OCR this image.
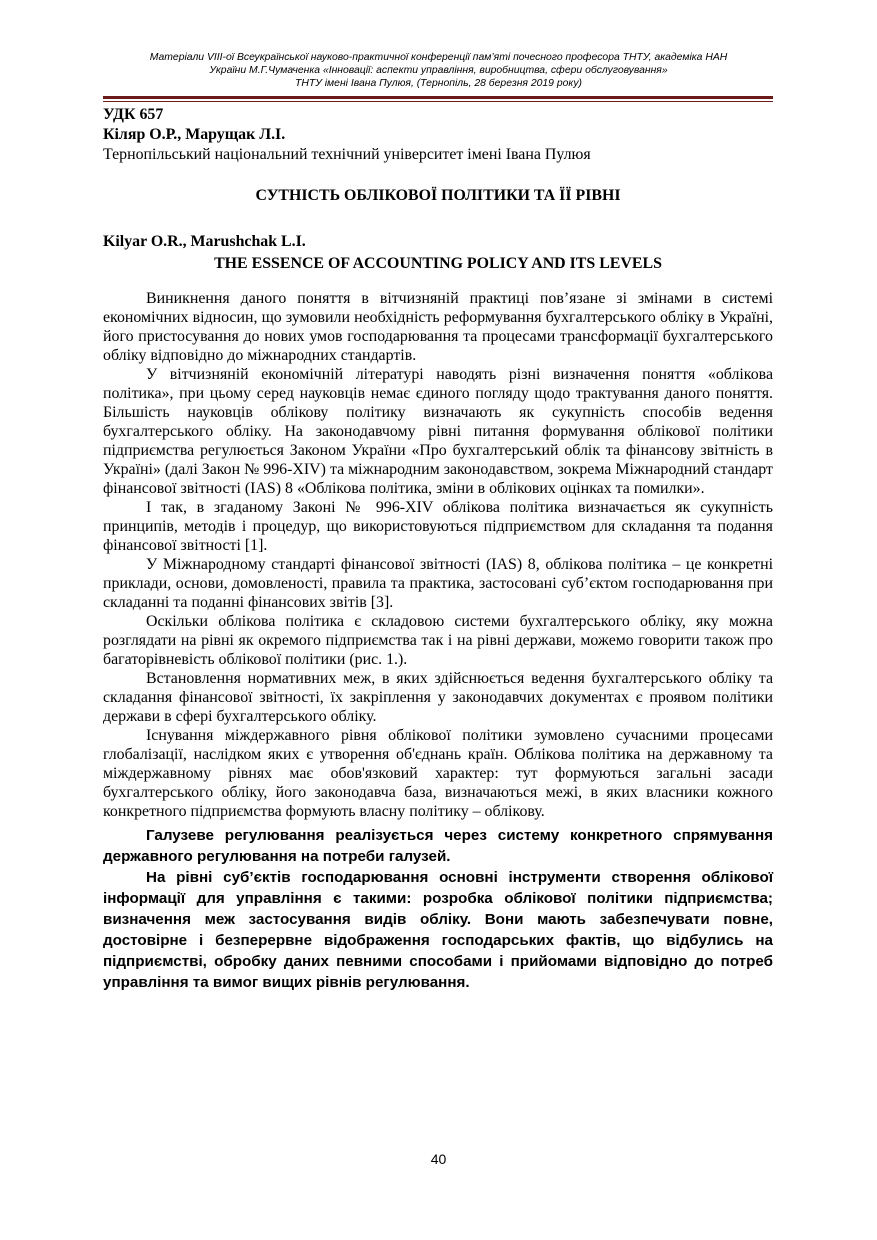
Матеріали VIII-ої Всеукраїнської науково-практичної конференції пам’яті почесного професора ТНТУ, академіка НАН
України М.Г.Чумаченка «Інновації: аспекти управління, виробництва, сфери обслуговування»
ТНТУ імені Івана Пулюя, (Тернопіль, 28 березня 2019 року)
УДК 657
Кіляр О.Р., Марущак Л.І.
Тернопільський національний технічний університет імені Івана Пулюя
СУТНІСТЬ ОБЛІКОВОЇ ПОЛІТИКИ ТА ЇЇ РІВНІ
Kilyar O.R., Marushchak L.I.
THE ESSENCE OF ACCOUNTING POLICY AND ITS LEVELS

Виникнення даного поняття в вітчизняній практиці пов’язане зі змінами в системі економічних відносин, що зумовили необхідність реформування бухгалтерського обліку в Україні, його пристосування до нових умов господарювання та процесами трансформації бухгалтерського обліку відповідно до міжнародних стандартів.

У вітчизняній економічній літературі наводять різні визначення поняття «облікова політика», при цьому серед науковців немає єдиного погляду щодо трактування даного поняття. Більшість науковців облікову політику визначають як сукупність способів ведення бухгалтерського обліку. На законодавчому рівні питання формування облікової політики підприємства регулюється Законом України «Про бухгалтерський облік та фінансову звітність в Україні» (далі Закон № 996-XIV) та міжнародним законодавством, зокрема Міжнародний стандарт фінансової звітності (IAS) 8 «Облікова політика, зміни в облікових оцінках та помилки».

І так, в згаданому Законі № 996-XIV облікова політика визначається як сукупність принципів, методів і процедур, що використовуються підприємством для складання та подання фінансової звітності [1].

У Міжнародному стандарті фінансової звітності (IAS) 8, облікова політика – це конкретні приклади, основи, домовленості, правила та практика, застосовані суб’єктом господарювання при складанні та поданні фінансових звітів [3].

Оскільки облікова політика є складовою системи бухгалтерського обліку, яку можна розглядати на рівні як окремого підприємства так і на рівні держави, можемо говорити також про багаторівневість облікової політики (рис. 1.).

Встановлення нормативних меж, в яких здійснюється ведення бухгалтерського обліку та складання фінансової звітності, їх закріплення у законодавчих документах є проявом політики держави в сфері бухгалтерського обліку.

Існування міждержавного рівня облікової політики зумовлено сучасними процесами глобалізації, наслідком яких є утворення об'єднань країн. Облікова політика на державному та міждержавному рівнях має обов'язковий характер: тут формуються загальні засади бухгалтерського обліку, його законодавча база, визначаються межі, в яких власники кожного конкретного підприємства формують власну політику – облікову.

Галузеве регулювання реалізується через систему конкретного спрямування державного регулювання на потреби галузей.

На рівні суб’єктів господарювання основні інструменти створення облікової інформації для управління є такими: розробка облікової політики підприємства; визначення меж застосування видів обліку. Вони мають забезпечувати повне, достовірне і безперервне відображення господарських фактів, що відбулись на підприємстві, обробку даних певними способами і прийомами відповідно до потреб управління та вимог вищих рівнів регулювання.

40
